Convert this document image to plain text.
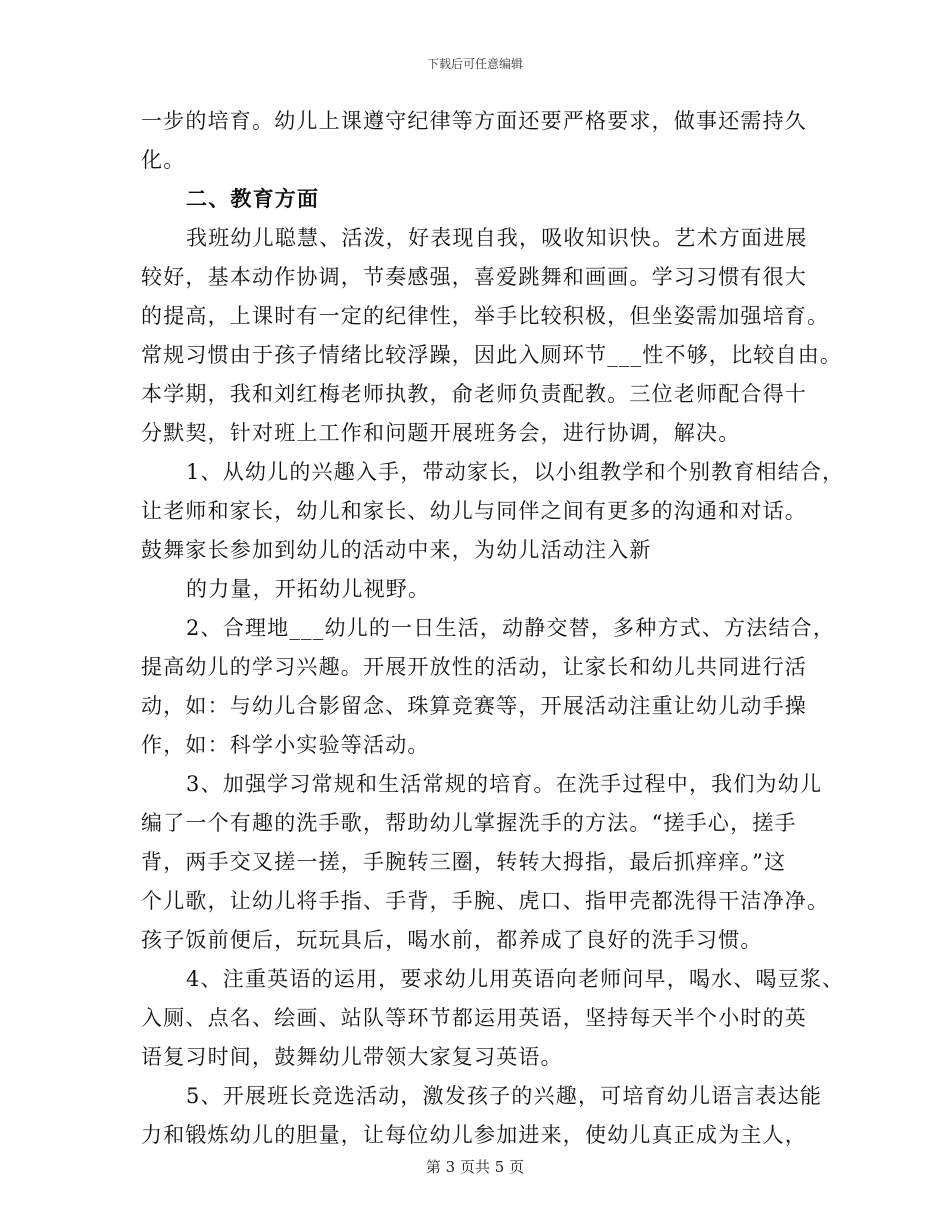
下载后可任意编辑
一步的培育。幼儿上课遵守纪律等方面还要严格要求，做事还需持久
化。
二、教育方面
我班幼儿聪慧、活泼，好表现自我，吸收知识快。艺术方面进展
较好，基本动作协调，节奏感强，喜爱跳舞和画画。学习习惯有很大
的提高，上课时有一定的纪律性，举手比较积极，但坐姿需加强培育。
常规习惯由于孩子情绪比较浮躁，因此入厕环节___性不够，比较自由。
本学期，我和刘红梅老师执教，俞老师负责配教。三位老师配合得十
分默契，针对班上工作和问题开展班务会，进行协调，解决。
1、从幼儿的兴趣入手，带动家长，以小组教学和个别教育相结合，
让老师和家长，幼儿和家长、幼儿与同伴之间有更多的沟通和对话。
鼓舞家长参加到幼儿的活动中来，为幼儿活动注入新
的力量，开拓幼儿视野。
2、合理地___幼儿的一日生活，动静交替，多种方式、方法结合，
提高幼儿的学习兴趣。开展开放性的活动，让家长和幼儿共同进行活
动，如：与幼儿合影留念、珠算竞赛等，开展活动注重让幼儿动手操
作，如：科学小实验等活动。
3、加强学习常规和生活常规的培育。在洗手过程中，我们为幼儿
编了一个有趣的洗手歌，帮助幼儿掌握洗手的方法。“搓手心，搓手
背，两手交叉搓一搓，手腕转三圈，转转大拇指，最后抓痒痒。”这
个儿歌，让幼儿将手指、手背，手腕、虎口、指甲壳都洗得干洁净净。
孩子饭前便后，玩玩具后，喝水前，都养成了良好的洗手习惯。
4、注重英语的运用，要求幼儿用英语向老师问早，喝水、喝豆浆、
入厕、点名、绘画、站队等环节都运用英语，坚持每天半个小时的英
语复习时间，鼓舞幼儿带领大家复习英语。
5、开展班长竞选活动，激发孩子的兴趣，可培育幼儿语言表达能
力和锻炼幼儿的胆量，让每位幼儿参加进来，使幼儿真正成为主人，
第 3 页共 5 页
